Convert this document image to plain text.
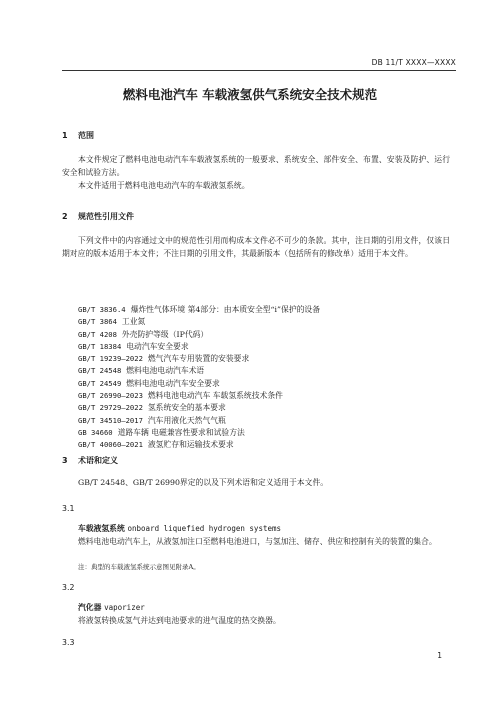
DB 11/T XXXX—XXXX
燃料电池汽车 车载液氢供气系统安全技术规范
1 范围
本文件规定了燃料电池电动汽车车载液氢系统的一般要求、系统安全、部件安全、布置、安装及防护、运行安全和试验方法。
本文件适用于燃料电池电动汽车的车载液氢系统。
2 规范性引用文件
下列文件中的内容通过文中的规范性引用而构成本文件必不可少的条款。其中，注日期的引用文件，仅该日期对应的版本适用于本文件；不注日期的引用文件，其最新版本（包括所有的修改单）适用于本文件。
GB/T 3836.4 爆炸性气体环境 第4部分：由本质安全型“i”保护的设备
GB/T 3864 工业氮
GB/T 4208 外壳防护等级（IP代码）
GB/T 18384 电动汽车安全要求
GB/T 19239—2022 燃气汽车专用装置的安装要求
GB/T 24548 燃料电池电动汽车术语
GB/T 24549 燃料电池电动汽车安全要求
GB/T 26990—2023 燃料电池电动汽车 车载氢系统技术条件
GB/T 29729—2022 氢系统安全的基本要求
GB/T 34510—2017 汽车用液化天然气气瓶
GB 34660 道路车辆 电磁兼容性要求和试验方法
GB/T 40060—2021 液氢贮存和运输技术要求
3 术语和定义
GB/T 24548、GB/T 26990界定的以及下列术语和定义适用于本文件。
3.1
车载液氢系统 onboard liquefied hydrogen systems
燃料电池电动汽车上，从液氢加注口至燃料电池进口，与氢加注、储存、供应和控制有关的装置的集合。
注：典型的车载液氢系统示意图见附录A。
3.2
汽化器 vaporizer
将液氢转换成氢气并达到电池要求的进气温度的热交换器。
3.3
1
